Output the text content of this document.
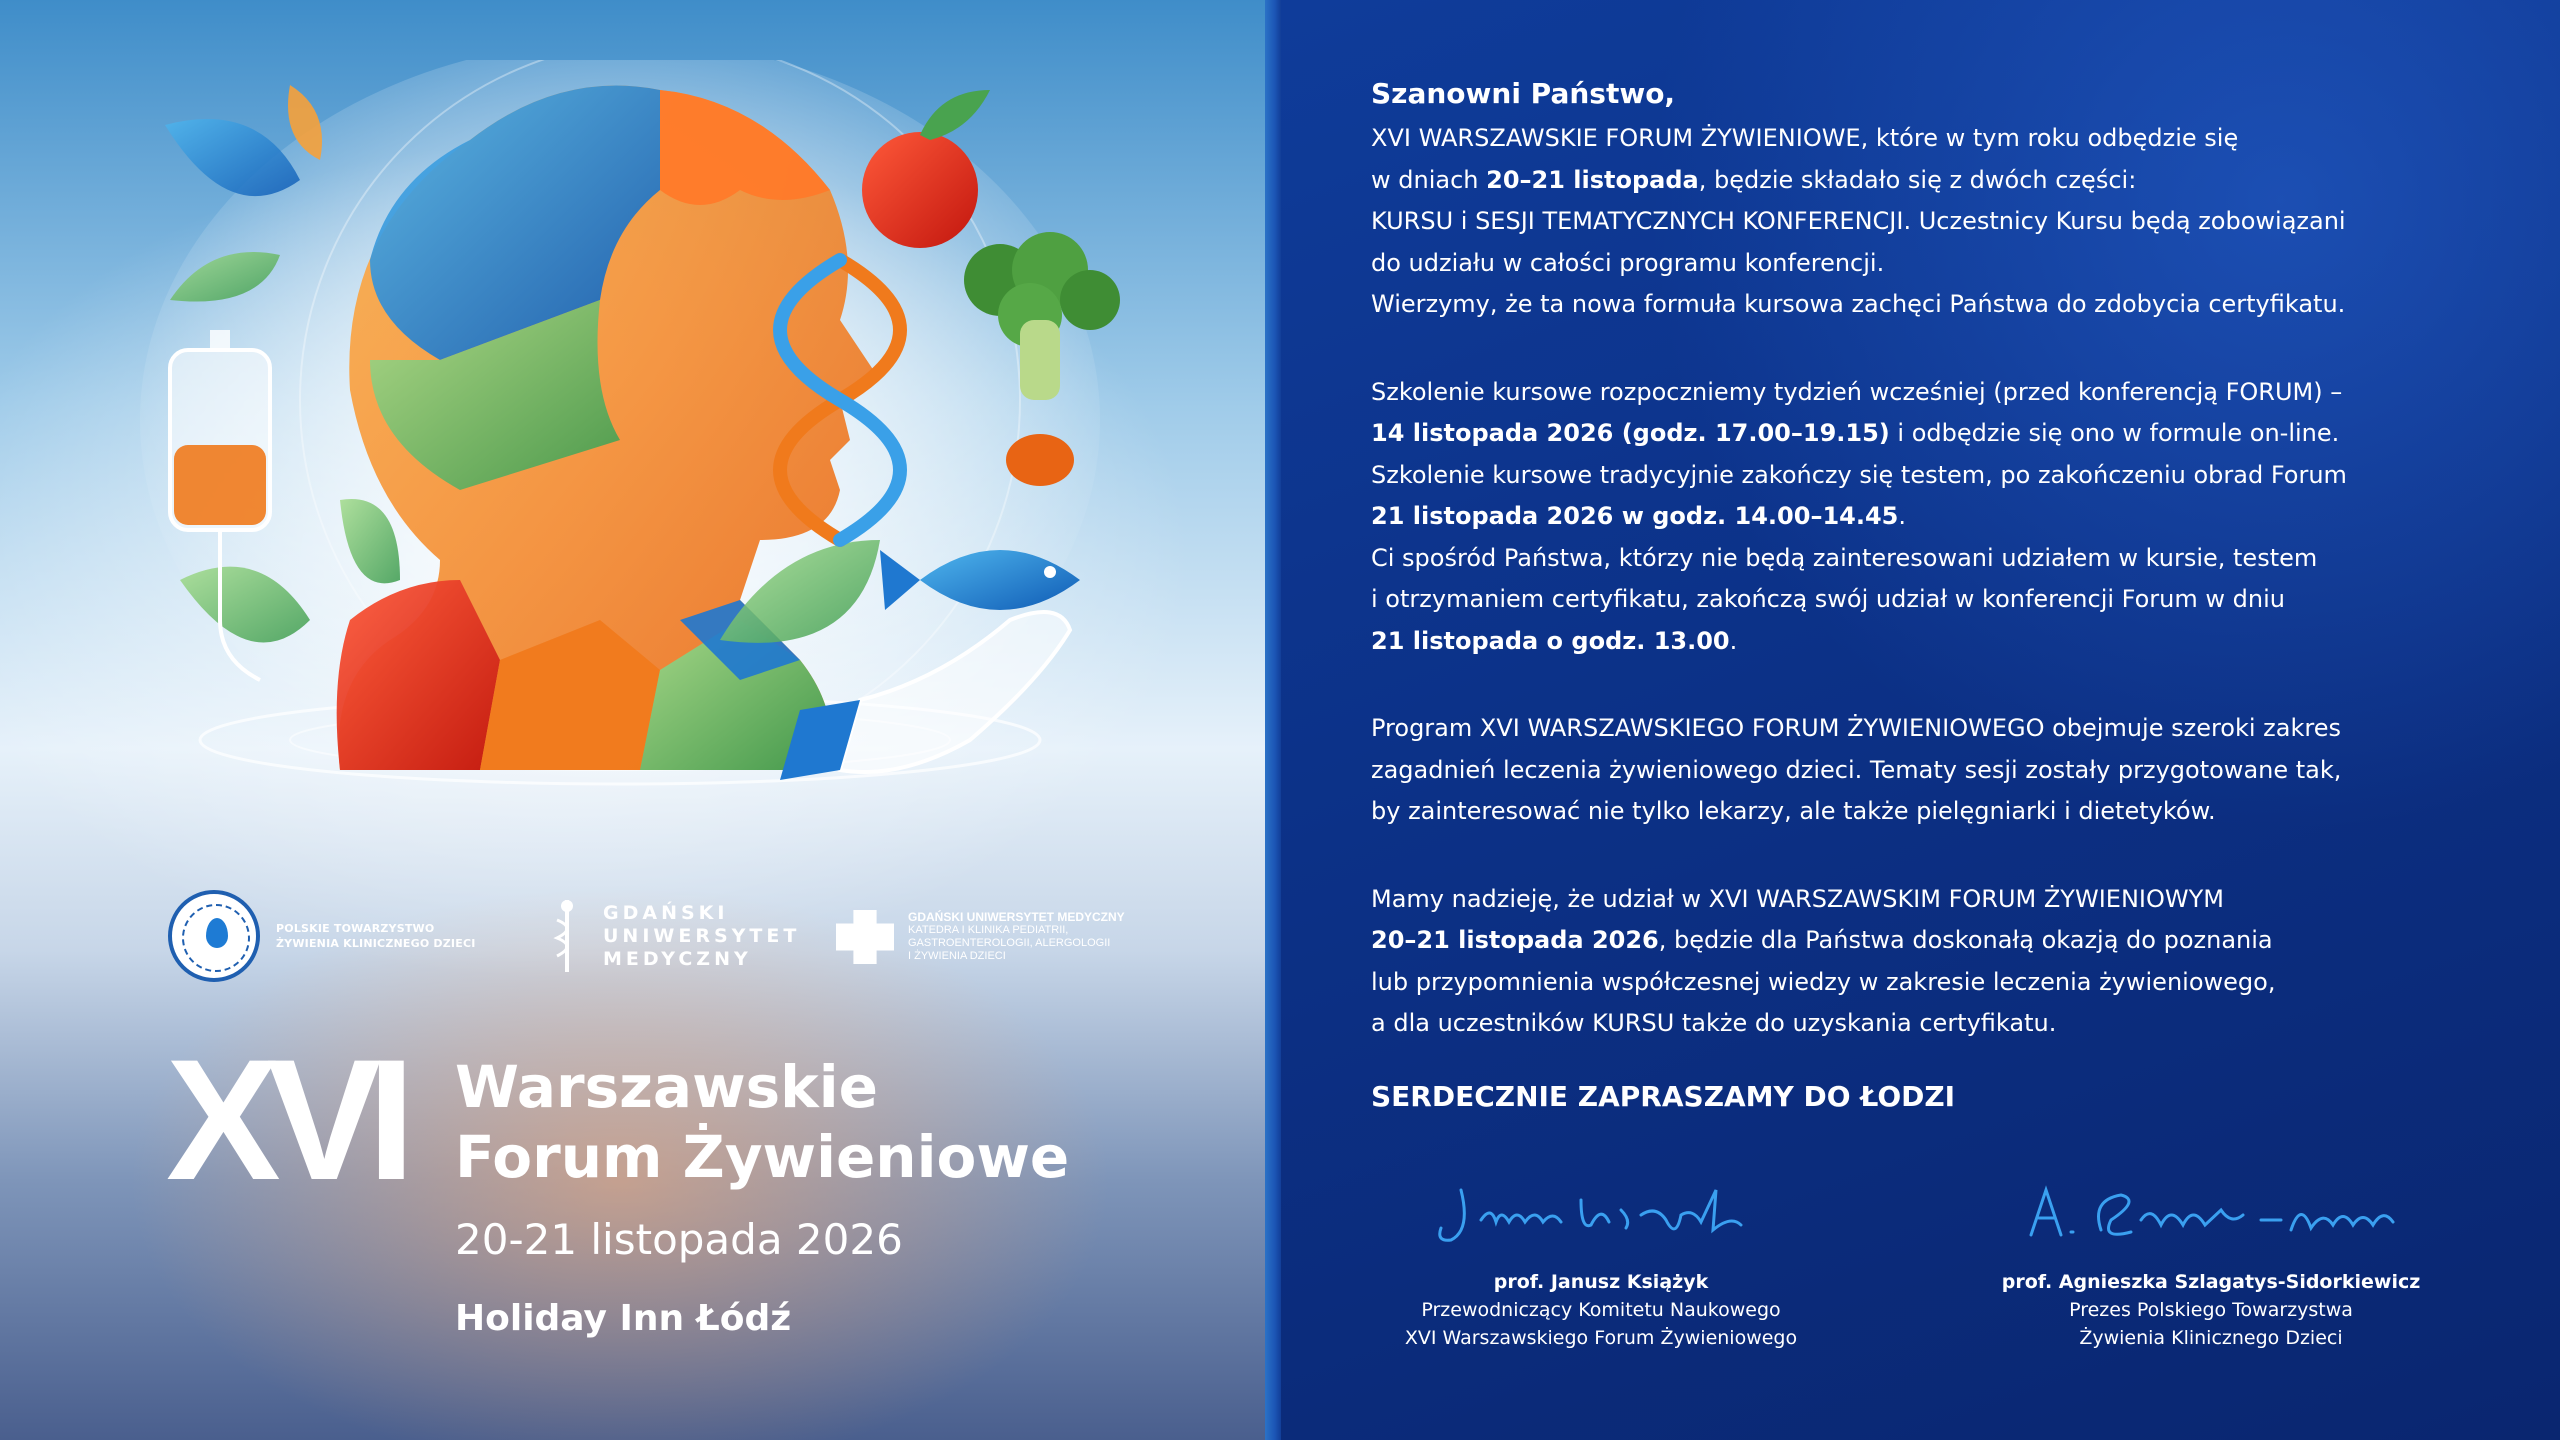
POLSKIE TOWARZYSTWO
ŻYWIENIA KLINICZNEGO DZIECI
GDAŃSKI
UNIWERSYTET
MEDYCZNY
GDAŃSKI UNIWERSYTET MEDYCZNY
KATEDRA I KLINIKA PEDIATRII,
GASTROENTEROLOGII, ALERGOLOGII
I ŻYWIENIA DZIECI
XVI Warszawskie
Forum Żywieniowe
20-21 listopada 2026
Holiday Inn Łódź

Szanowni Państwo,

XVI WARSZAWSKIE FORUM ŻYWIENIOWE, które w tym roku odbędzie się

w dniach 20–21 listopada, będzie składało się z dwóch części:

KURSU i SESJI TEMATYCZNYCH KONFERENCJI. Uczestnicy Kursu będą zobowiązani

do udziału w całości programu konferencji.

Wierzymy, że ta nowa formuła kursowa zachęci Państwa do zdobycia certyfikatu.

Szkolenie kursowe rozpoczniemy tydzień wcześniej (przed konferencją FORUM) –

14 listopada 2026 (godz. 17.00–19.15) i odbędzie się ono w formule on-line.

Szkolenie kursowe tradycyjnie zakończy się testem, po zakończeniu obrad Forum

21 listopada 2026 w godz. 14.00–14.45.

Ci spośród Państwa, którzy nie będą zainteresowani udziałem w kursie, testem

i otrzymaniem certyfikatu, zakończą swój udział w konferencji Forum w dniu

21 listopada o godz. 13.00.

Program XVI WARSZAWSKIEGO FORUM ŻYWIENIOWEGO obejmuje szeroki zakres

zagadnień leczenia żywieniowego dzieci. Tematy sesji zostały przygotowane tak,

by zainteresować nie tylko lekarzy, ale także pielęgniarki i dietetyków.

Mamy nadzieję, że udział w XVI WARSZAWSKIM FORUM ŻYWIENIOWYM

20–21 listopada 2026, będzie dla Państwa doskonałą okazją do poznania

lub przypomnienia współczesnej wiedzy w zakresie leczenia żywieniowego,

a dla uczestników KURSU także do uzyskania certyfikatu.

SERDECZNIE ZAPRASZAMY DO ŁODZI
prof. Janusz Książyk
Przewodniczący Komitetu Naukowego
XVI Warszawskiego Forum Żywieniowego
prof. Agnieszka Szlagatys-Sidorkiewicz
Prezes Polskiego Towarzystwa
Żywienia Klinicznego Dzieci
